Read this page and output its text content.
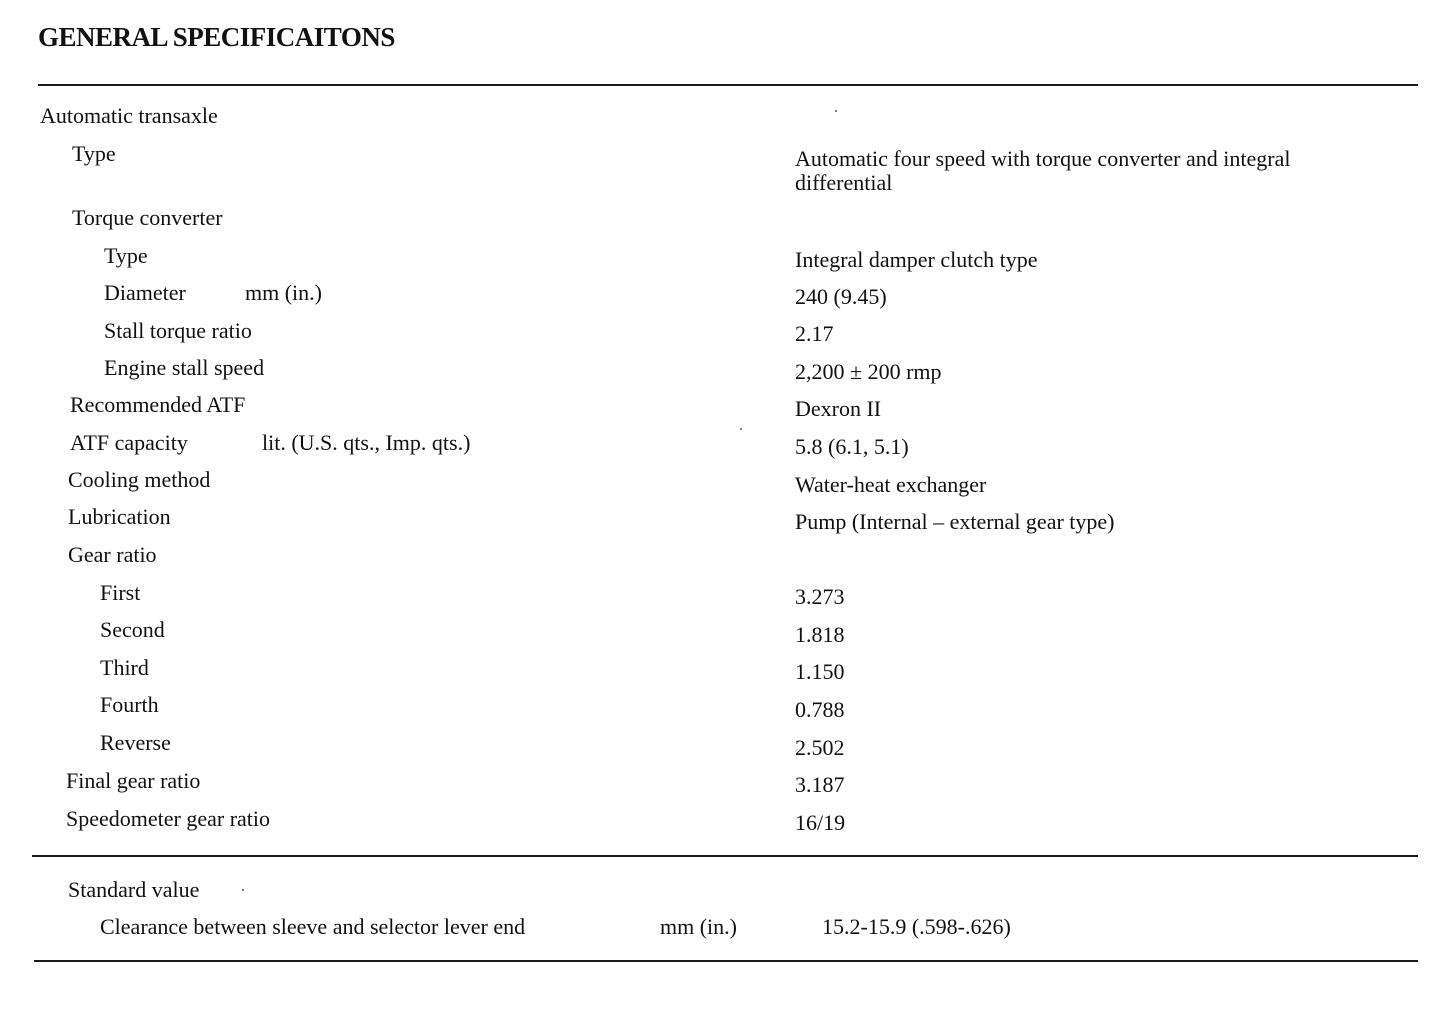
GENERAL SPECIFICAITONS
Automatic transaxle
Type	Automatic four speed with torque converter and integral differential
Torque converter
Type	Integral damper clutch type
Diameter	mm (in.)	240 (9.45)
Stall torque ratio	2.17
Engine stall speed	2,200 ± 200 rmp
Recommended ATF	Dexron II
ATF capacity	lit. (U.S. qts., Imp. qts.)	5.8 (6.1, 5.1)
Cooling method	Water-heat exchanger
Lubrication	Pump (Internal – external gear type)
Gear ratio
First	3.273
Second	1.818
Third	1.150
Fourth	0.788
Reverse	2.502
Final gear ratio	3.187
Speedometer gear ratio	16/19
Standard value
Clearance between sleeve and selector lever end	mm (in.)	15.2-15.9 (.598-.626)
